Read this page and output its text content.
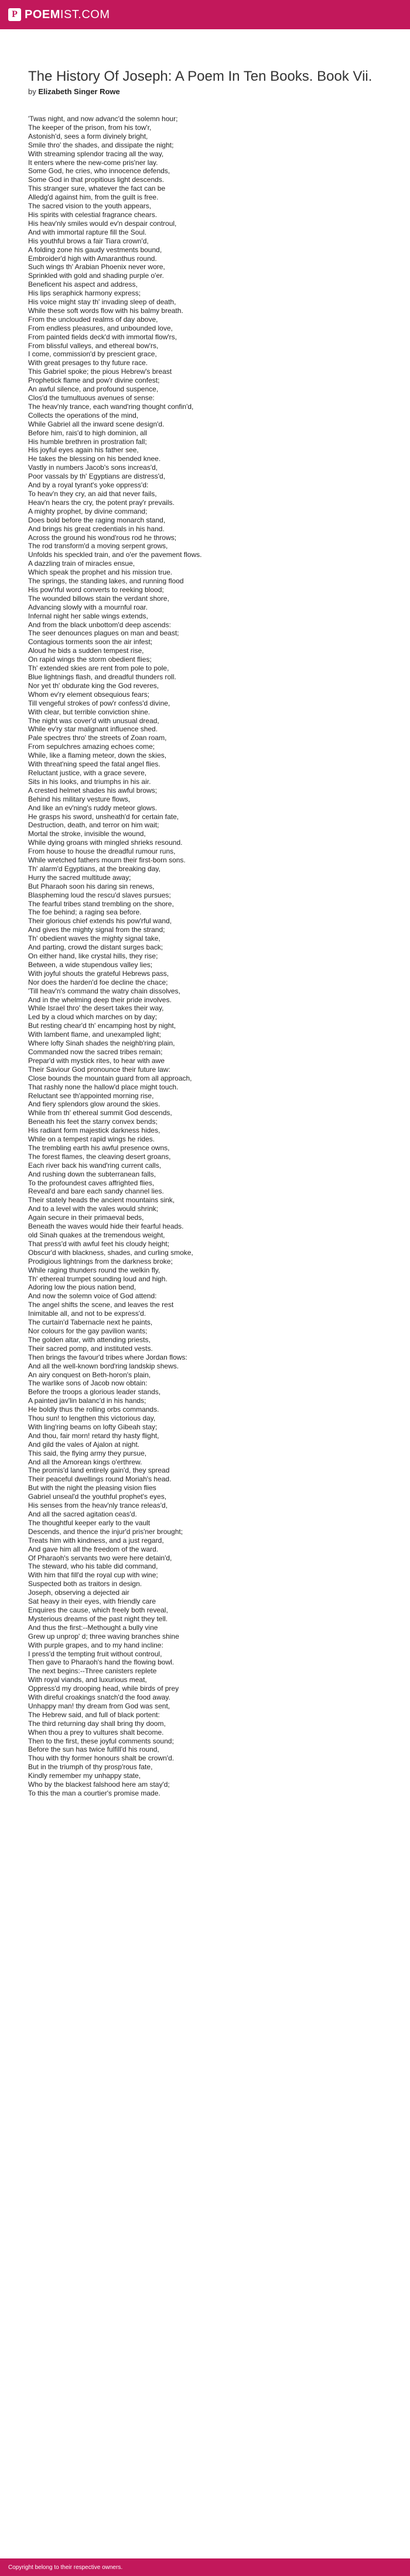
P POEMIST.COM
The History Of Joseph: A Poem In Ten Books. Book Vii.
by Elizabeth Singer Rowe
'Twas night, and now advanc'd the solemn hour;
The keeper of the prison, from his tow'r,
Astonish'd, sees a form divinely bright,
Smile thro' the shades, and dissipate the night;
With streaming splendor tracing all the way,
It enters where the new-come pris'ner lay.
Some God, he cries, who innocence defends,
Some God in that propitious light descends.
This stranger sure, whatever the fact can be
Alledg'd against him, from the guilt is free.
The sacred vision to the youth appears,
His spirits with celestial fragrance chears.
His heav'nly smiles would ev'n despair controul,
And with immortal rapture fill the Soul.
His youthful brows a fair Tiara crown'd,
A folding zone his gaudy vestments bound,
Embroider'd high with Amaranthus round.
Such wings th' Arabian Phoenix never wore,
Sprinkled with gold and shading purple o'er.
Beneficent his aspect and address,
His lips seraphick harmony express;
His voice might stay th' invading sleep of death,
While these soft words flow with his balmy breath.
From the unclouded realms of day above,
From endless pleasures, and unbounded love,
From painted fields deck'd with immortal flow'rs,
From blissful valleys, and ethereal bow'rs,
I come, commission'd by prescient grace,
With great presages to thy future race.
This Gabriel spoke; the pious Hebrew's breast
Prophetick flame and pow'r divine confest;
An awful silence, and profound suspence,
Clos'd the tumultuous avenues of sense:
The heav'nly trance, each wand'ring thought confin'd,
Collects the operations of the mind,
While Gabriel all the inward scene design'd.
Before him, rais'd to high dominion, all
His humble brethren in prostration fall;
His joyful eyes again his father see,
He takes the blessing on his bended knee.
Vastly in numbers Jacob's sons increas'd,
Poor vassals by th' Egyptians are distress'd,
And by a royal tyrant's yoke oppress'd:
To heav'n they cry, an aid that never fails,
Heav'n hears the cry, the potent pray'r prevails.
A mighty prophet, by divine command;
Does bold before the raging monarch stand,
And brings his great credentials in his hand.
Across the ground his wond'rous rod he throws;
The rod transform'd a moving serpent grows,
Unfolds his speckled train, and o'er the pavement flows.
A dazzling train of miracles ensue,
Which speak the prophet and his mission true.
The springs, the standing lakes, and running flood
His pow'rful word converts to reeking blood;
The wounded billows stain the verdant shore,
Advancing slowly with a mournful roar.
Infernal night her sable wings extends,
And from the black unbottom'd deep ascends:
The seer denounces plagues on man and beast;
Contagious torments soon the air infest;
Aloud he bids a sudden tempest rise,
On rapid wings the storm obedient flies;
Th' extended skies are rent from pole to pole,
Blue lightnings flash, and dreadful thunders roll.
Nor yet th' obdurate king the God reveres,
Whom ev'ry element obsequious fears;
Till vengeful strokes of pow'r confess'd divine,
With clear, but terrible conviction shine.
The night was cover'd with unusual dread,
While ev'ry star malignant influence shed.
Pale spectres thro' the streets of Zoan roam,
From sepulchres amazing echoes come;
While, like a flaming meteor, down the skies,
With threat'ning speed the fatal angel flies.
Reluctant justice, with a grace severe,
Sits in his looks, and triumphs in his air.
A crested helmet shades his awful brows;
Behind his military vesture flows,
And like an ev'ning's ruddy meteor glows.
He grasps his sword, unsheath'd for certain fate,
Destruction, death, and terror on him wait;
Mortal the stroke, invisible the wound,
While dying groans with mingled shrieks resound.
From house to house the dreadful rumour runs,
While wretched fathers mourn their first-born sons.
Th' alarm'd Egyptians, at the breaking day,
Hurry the sacred multitude away;
But Pharaoh soon his daring sin renews,
Blaspheming loud the rescu'd slaves pursues;
The fearful tribes stand trembling on the shore,
The foe behind; a raging sea before.
Their glorious chief extends his pow'rful wand,
And gives the mighty signal from the strand;
Th' obedient waves the mighty signal take,
And parting, crowd the distant surges back;
On either hand, like crystal hills, they rise;
Between, a wide stupendous valley lies;
With joyful shouts the grateful Hebrews pass,
Nor does the harden'd foe decline the chace;
'Till heav'n's command the watry chain dissolves,
And in the whelming deep their pride involves.
While Israel thro' the desert takes their way,
Led by a cloud which marches on by day;
But resting chear'd th' encamping host by night,
With lambent flame, and unexampled light;
Where lofty Sinah shades the neighb'ring plain,
Commanded now the sacred tribes remain;
Prepar'd with mystick rites, to hear with awe
Their Saviour God pronounce their future law:
Close bounds the mountain guard from all approach,
That rashly none the hallow'd place might touch.
Reluctant see th'appointed morning rise,
And fiery splendors glow around the skies.
While from th' ethereal summit God descends,
Beneath his feet the starry convex bends;
His radiant form majestick darkness hides,
While on a tempest rapid wings he rides.
The trembling earth his awful presence owns,
The forest flames, the cleaving desert groans,
Each river back his wand'ring current calls,
And rushing down the subterranean falls,
To the profoundest caves affrighted flies,
Reveal'd and bare each sandy channel lies.
Their stately heads the ancient mountains sink,
And to a level with the vales would shrink;
Again secure in their primaeval beds,
Beneath the waves would hide their fearful heads.
old Sinah quakes at the tremendous weight,
That press'd with awful feet his cloudy height;
Obscur'd with blackness, shades, and curling smoke,
Prodigious lightnings from the darkness broke;
While raging thunders round the welkin fly,
Th' ethereal trumpet sounding loud and high.
Adoring low the pious nation bend,
And now the solemn voice of God attend:
The angel shifts the scene, and leaves the rest
Inimitable all, and not to be express'd.
The curtain'd Tabernacle next he paints,
Nor colours for the gay pavilion wants;
The golden altar, with attending priests,
Their sacred pomp, and instituted vests.
Then brings the favour'd tribes where Jordan flows:
And all the well-known bord'ring landskip shews.
An airy conquest on Beth-horon's plain,
The warlike sons of Jacob now obtain:
Before the troops a glorious leader stands,
A painted jav'lin balanc'd in his hands;
He boldly thus the rolling orbs commands.
Thou sun! to lengthen this victorious day,
With ling'ring beams on lofty Gibeah stay;
And thou, fair morn! retard thy hasty flight,
And gild the vales of Ajalon at night.
This said, the flying army they pursue,
And all the Amorean kings o'erthrew.
The promis'd land entirely gain'd, they spread
Their peaceful dwellings round Moriah's head.
But with the night the pleasing vision flies
Gabriel unseal'd the youthful prophet's eyes,
His senses from the heav'nly trance releas'd,
And all the sacred agitation ceas'd.
The thoughtful keeper early to the vault
Descends, and thence the injur'd pris'ner brought;
Treats him with kindness, and a just regard,
And gave him all the freedom of the ward.
Of Pharaoh's servants two were here detain'd,
The steward, who his table did command,
With him that fill'd the royal cup with wine;
Suspected both as traitors in design.
Joseph, observing a dejected air
Sat heavy in their eyes, with friendly care
Enquires the cause, which freely both reveal,
Mysterious dreams of the past night they tell.
And thus the first:--Methought a bully vine
Grew up unprop' d; three waving branches shine
With purple grapes, and to my hand incline:
I press'd the tempting fruit without controul,
Then gave to Pharaoh's hand the flowing bowl.
The next begins:--Three canisters replete
With royal viands, and luxurious meat,
Oppress'd my drooping head, while birds of prey
With direful croakings snatch'd the food away.
Unhappy man! thy dream from God was sent,
The Hebrew said, and full of black portent:
The third returning day shall bring thy doom,
When thou a prey to vultures shalt become.
Then to the first, these joyful comments sound;
Before the sun has twice fulfill'd his round,
Thou with thy former honours shalt be crown'd.
But in the triumph of thy prosp'rous fate,
Kindly remember my unhappy state,
Who by the blackest falshood here am stay'd;
To this the man a courtier's promise made.
Copyright belong to their respective owners.
